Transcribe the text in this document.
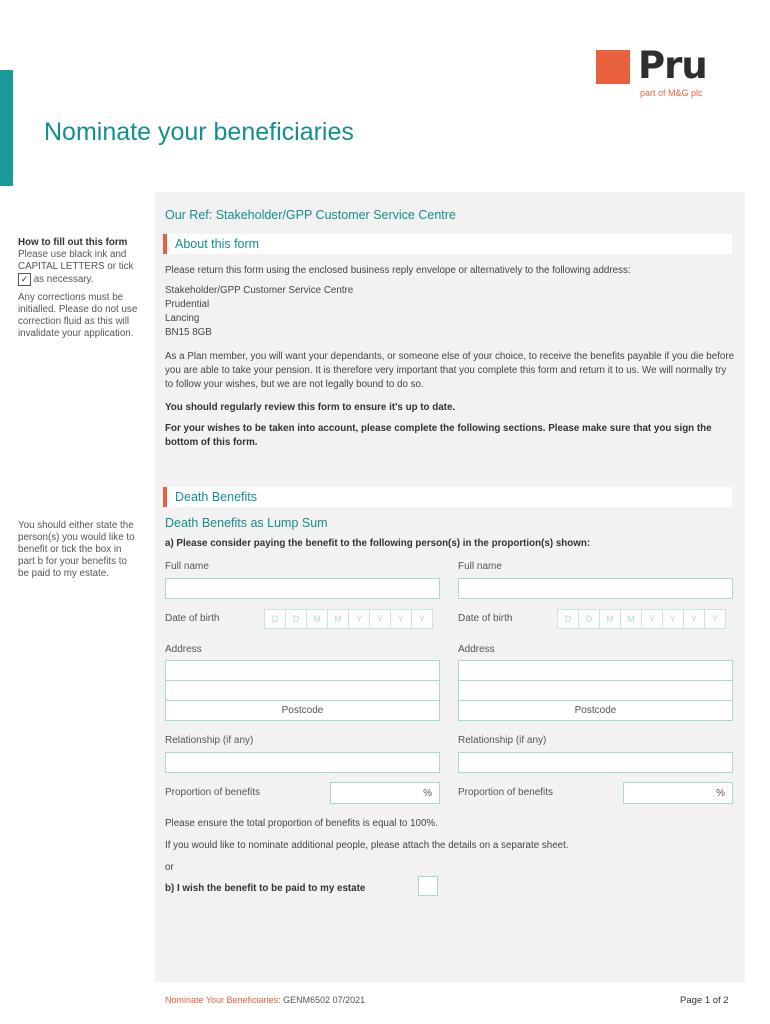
Pru
part of M&G plc
Nominate your beneficiaries
Our Ref: Stakeholder/GPP Customer Service Centre
How to fill out this form
Please use black ink and CAPITAL LETTERS or tick ✓ as necessary.
Any corrections must be initialled. Please do not use correction fluid as this will invalidate your application.
You should either state the person(s) you would like to benefit or tick the box in part b for your benefits to be paid to my estate.
About this form
Please return this form using the enclosed business reply envelope or alternatively to the following address:
Stakeholder/GPP Customer Service Centre
Prudential
Lancing
BN15 8GB
As a Plan member, you will want your dependants, or someone else of your choice, to receive the benefits payable if you die before you are able to take your pension. It is therefore very important that you complete this form and return it to us. We will normally try to follow your wishes, but we are not legally bound to do so.
You should regularly review this form to ensure it's up to date.
For your wishes to be taken into account, please complete the following sections. Please make sure that you sign the bottom of this form.
Death Benefits
Death Benefits as Lump Sum
a) Please consider paying the benefit to the following person(s) in the proportion(s) shown:
Full name
Date of birth	D	D	M	M	Y	Y	Y	Y
Address
Postcode
Relationship (if any)
Proportion of benefits	%
Full name
Date of birth	D	D	M	M	Y	Y	Y	Y
Address
Postcode
Relationship (if any)
Proportion of benefits	%
Please ensure the total proportion of benefits is equal to 100%.
If you would like to nominate additional people, please attach the details on a separate sheet.
or
b) I wish the benefit to be paid to my estate
Nominate Your Beneficiaries: GENM6502 07/2021	Page 1 of 2
